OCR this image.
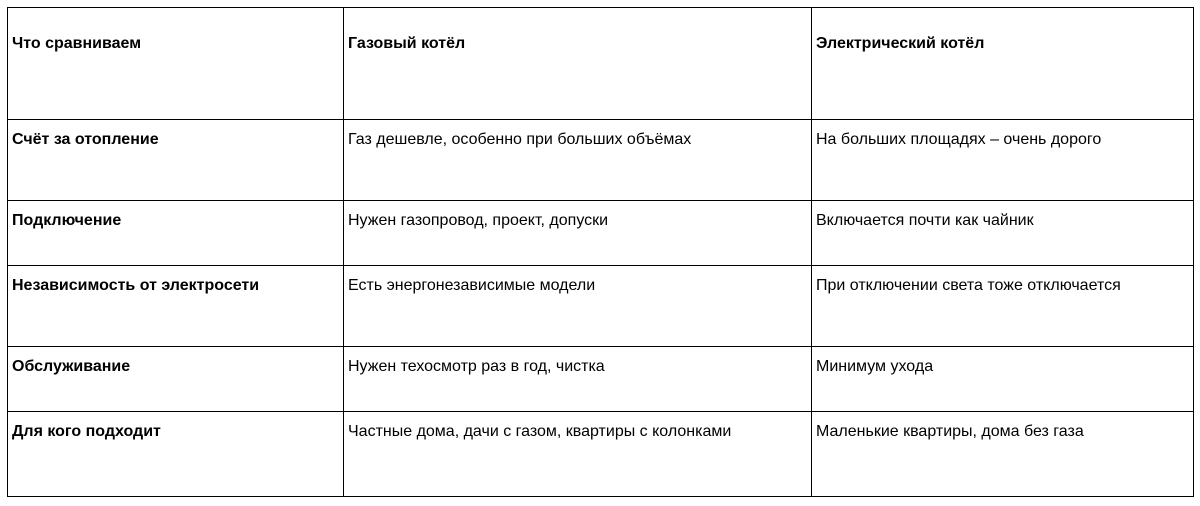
Что сравниваем	Газовый котёл	Электрический котёл
Счёт за отопление	Газ дешевле, особенно при больших объёмах	На больших площадях – очень дорого
Подключение	Нужен газопровод, проект, допуски	Включается почти как чайник
Независимость от электросети	Есть энергонезависимые модели	При отключении света тоже отключается
Обслуживание	Нужен техосмотр раз в год, чистка	Минимум ухода
Для кого подходит	Частные дома, дачи с газом, квартиры с колонками	Маленькие квартиры, дома без газа
